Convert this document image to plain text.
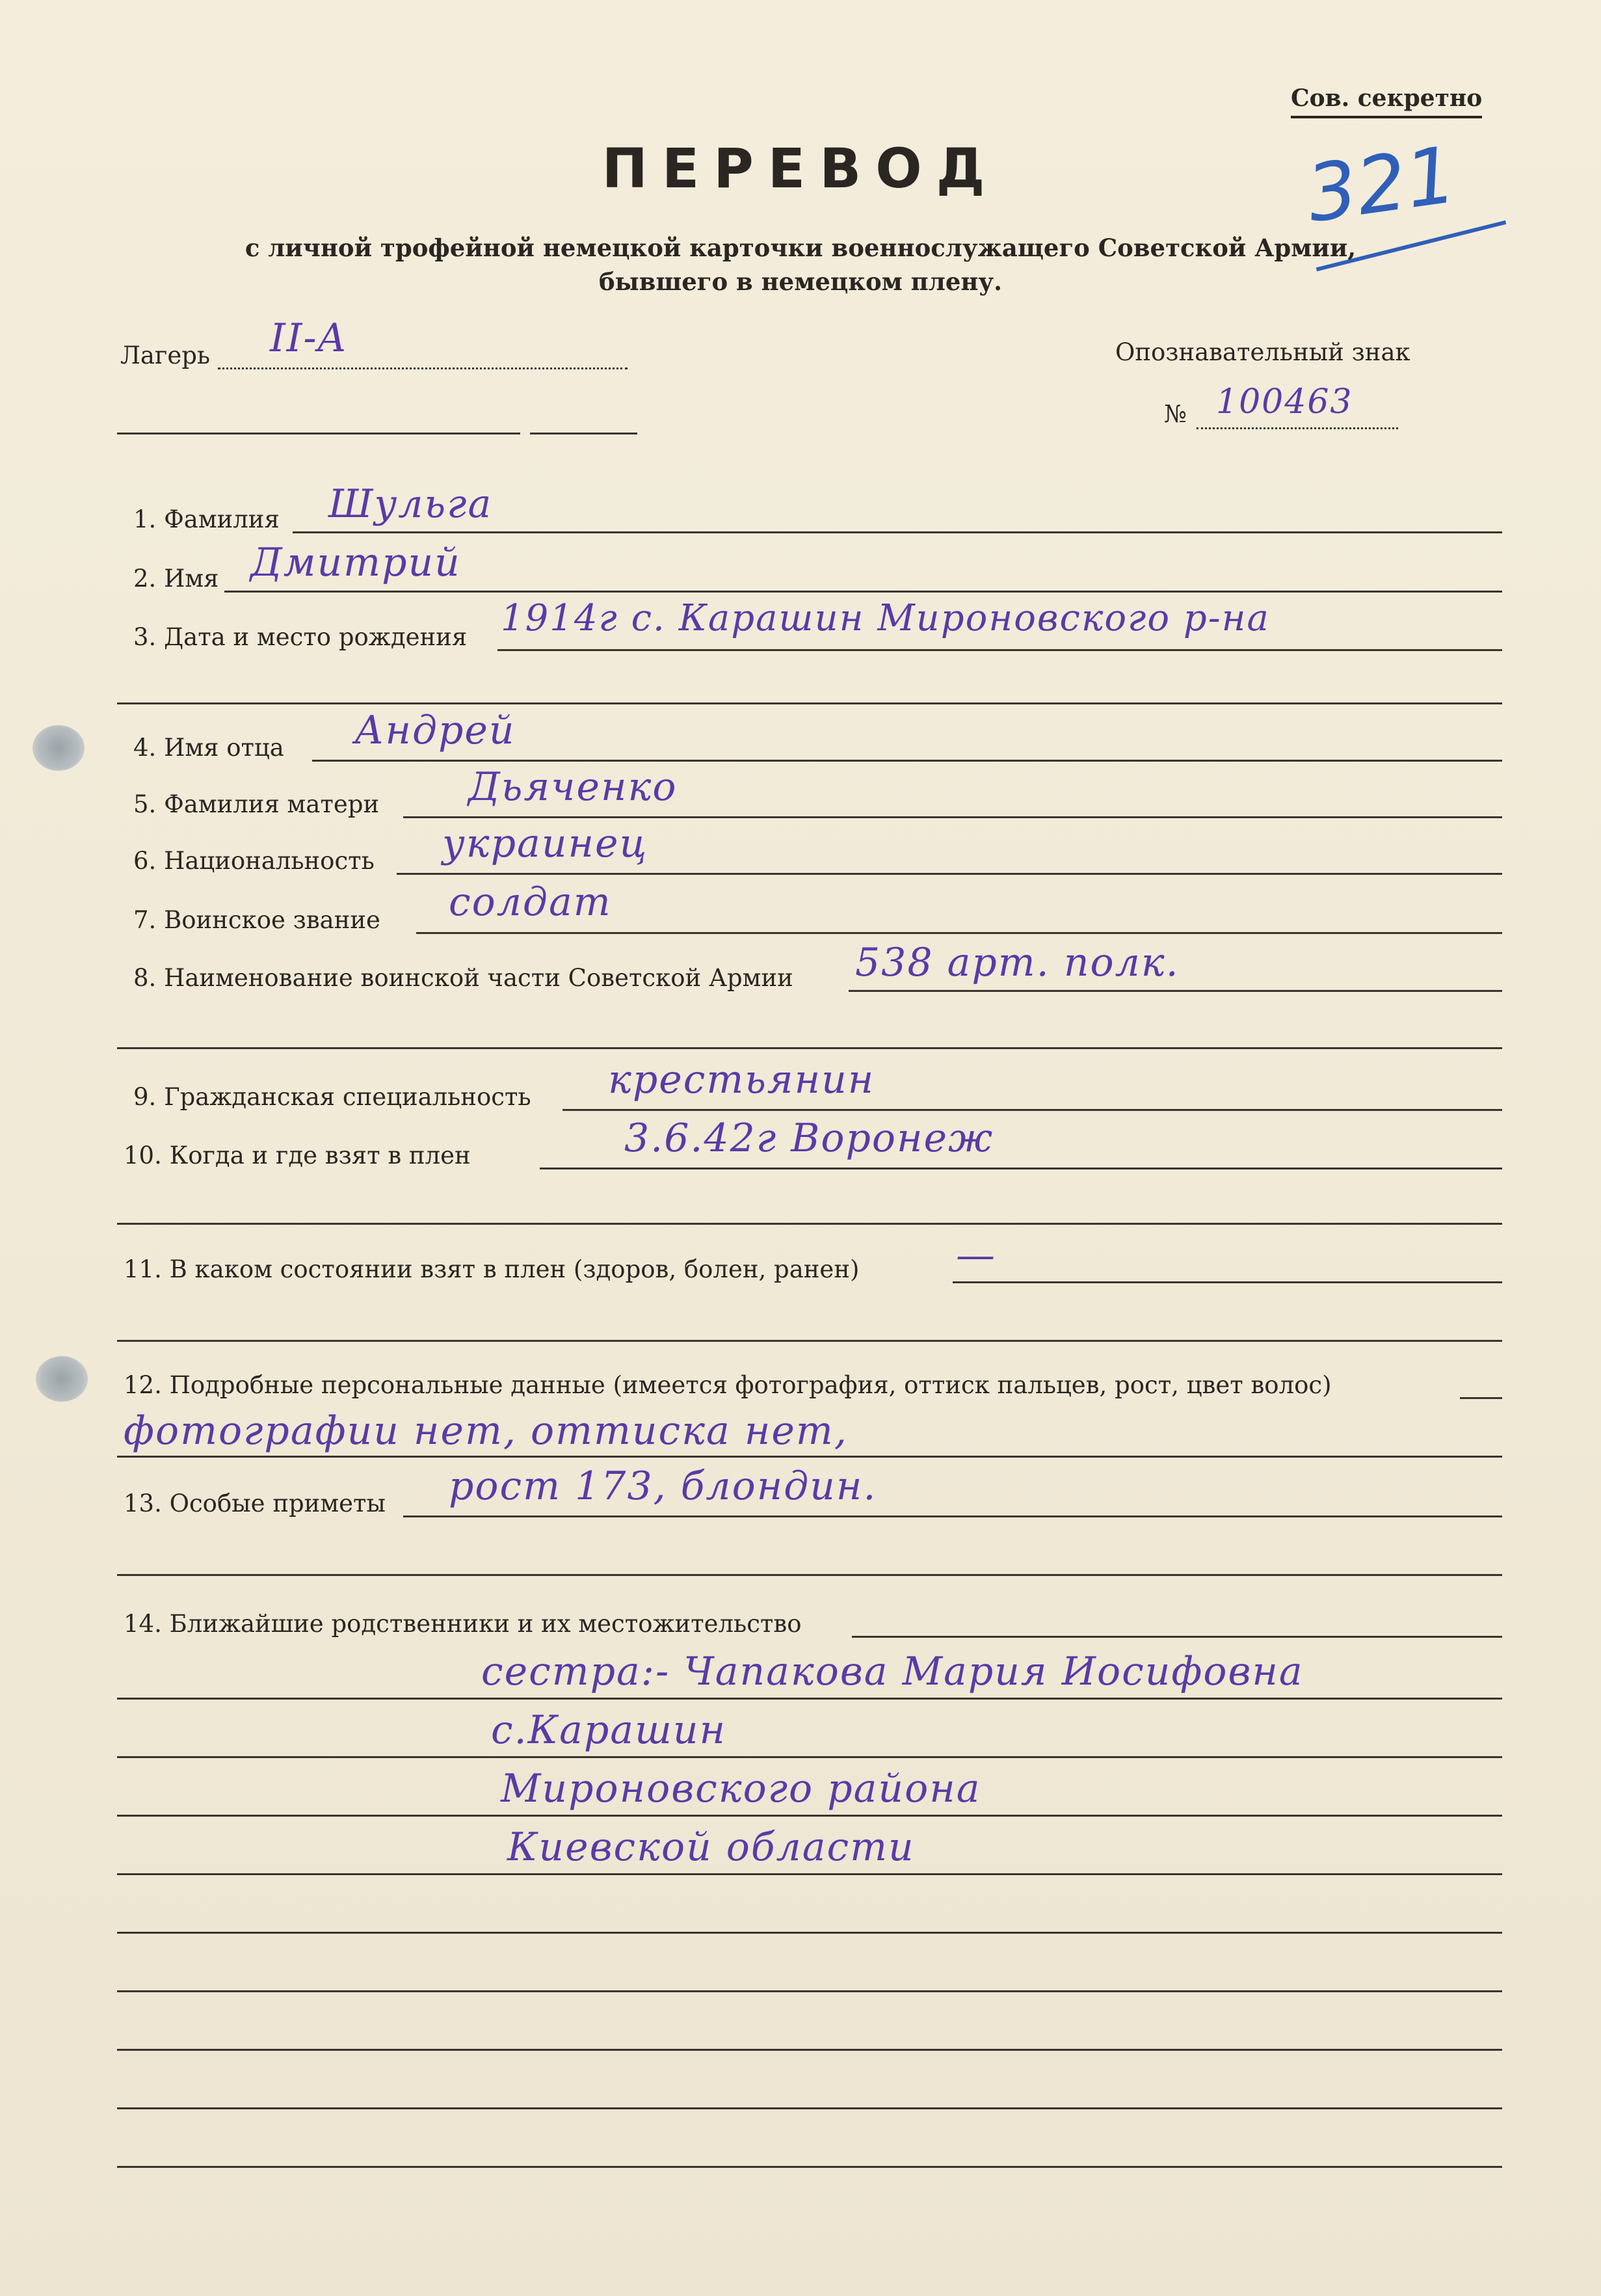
Сов. секретно
321
ПЕРЕВОД
с личной трофейной немецкой карточки военнослужащего Советской Армии,
бывшего в немецком плену.
Лагерь II-A	Опознавательный знак
№ 100463
1. Фамилия Шульга
2. Имя Дмитрий
3. Дата и место рождения 1914г с. Карашин Мироновского р-на
4. Имя отца Андрей
5. Фамилия матери Дьяченко
6. Национальность украинец
7. Воинское звание солдат
8. Наименование воинской части Советской Армии 538 арт. полк.
9. Гражданская специальность крестьянин
10. Когда и где взят в плен	3.6.42г Воронеж
11. В каком состоянии взят в плен (здоров, болен, ранен) —
12. Подробные персональные данные (имеется фотография, оттиск пальцев, рост, цвет волос)
фотографии нет, оттиска нет,
13. Особые приметы рост 173, блондин.
14. Ближайшие родственники и их местожительство
сестра:- Чапакова Мария Иосифовна
с.Карашин
Мироновского района
Киевской области
